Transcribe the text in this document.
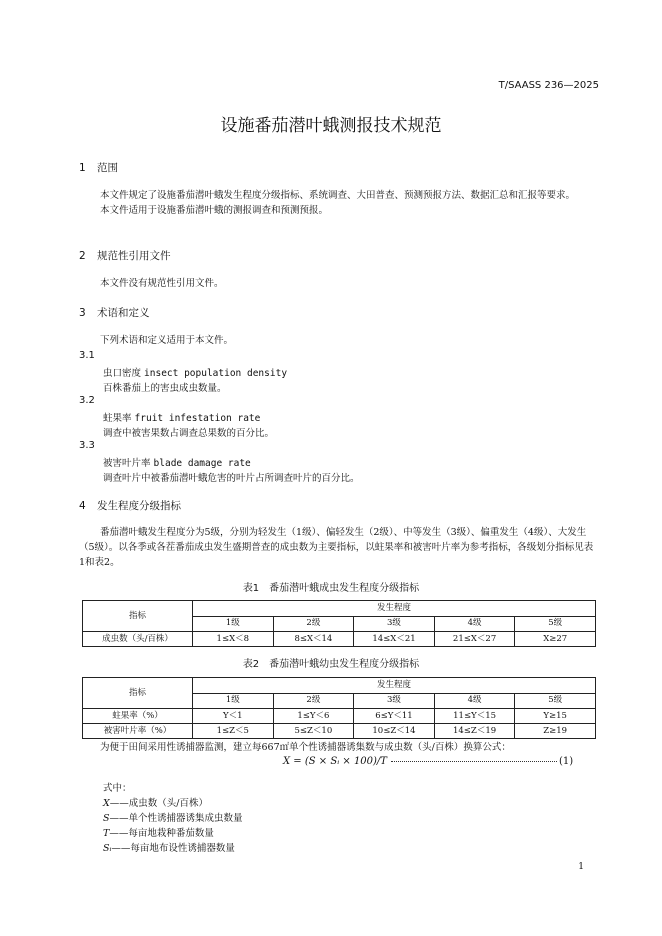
T/SAASS 236—2025
设施番茄潜叶蛾测报技术规范
1 范围

本文件规定了设施番茄潜叶蛾发生程度分级指标、系统调查、大田普查、预测预报方法、数据汇总和汇报等要求。

本文件适用于设施番茄潜叶蛾的测报调查和预测预报。

2 规范性引用文件

本文件没有规范性引用文件。

3 术语和定义

下列术语和定义适用于本文件。

3.1
虫口密度 insect population density
百株番茄上的害虫成虫数量。
3.2
蛀果率 fruit infestation rate
调查中被害果数占调查总果数的百分比。
3.3
被害叶片率 blade damage rate
调查叶片中被番茄潜叶蛾危害的叶片占所调查叶片的百分比。
4 发生程度分级指标

番茄潜叶蛾发生程度分为5级，分别为轻发生（1级）、偏轻发生（2级）、中等发生（3级）、偏重发生（4级）、大发生（5级）。以各季或各茬番茄成虫发生盛期普查的成虫数为主要指标，以蛀果率和被害叶片率为参考指标，各级划分指标见表1和表2。

表1　番茄潜叶蛾成虫发生程度分级指标
指标	发生程度				
	1级	2级	3级	4级	5级
成虫数（头/百株）	1≤X＜8	8≤X＜14	14≤X＜21	21≤X＜27	X≥27
表2　番茄潜叶蛾幼虫发生程度分级指标
指标	发生程度				
	1级	2级	3级	4级	5级
蛀果率（%）	Y＜1	1≤Y＜6	6≤Y＜11	11≤Y＜15	Y≥15
被害叶片率（%）	1≤Z＜5	5≤Z＜10	10≤Z＜14	14≤Z＜19	Z≥19

为便于田间采用性诱捕器监测，建立每667㎡单个性诱捕器诱集数与成虫数（头/百株）换算公式：

X = (S × Sᵢ × 100)/T	(1)
式中：
X——成虫数（头/百株）
S——单个性诱捕器诱集成虫数量
T——每亩地栽种番茄数量
Sᵢ——每亩地布设性诱捕器数量
1
